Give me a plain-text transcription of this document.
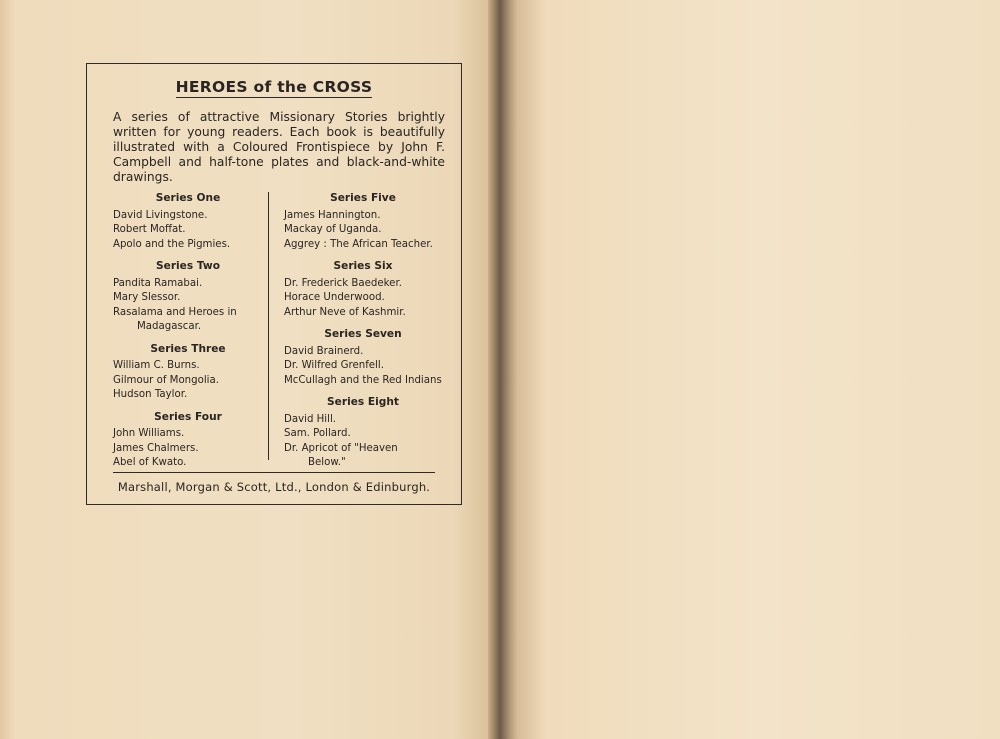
HEROES of the CROSS
A series of attractive Missionary Stories brightly written for young readers. Each book is beautifully illustrated with a Coloured Frontispiece by John F. Campbell and half-tone plates and black-and-white drawings.
Series One
David Livingstone.
Robert Moffat.
Apolo and the Pigmies.
Series Two
Pandita Ramabai.
Mary Slessor.
Rasalama and Heroes in
Madagascar.
Series Three
William C. Burns.
Gilmour of Mongolia.
Hudson Taylor.
Series Four
John Williams.
James Chalmers.
Abel of Kwato.
Series Five
James Hannington.
Mackay of Uganda.
Aggrey : The African Teacher.
Series Six
Dr. Frederick Baedeker.
Horace Underwood.
Arthur Neve of Kashmir.
Series Seven
David Brainerd.
Dr. Wilfred Grenfell.
McCullagh and the Red Indians
Series Eight
David Hill.
Sam. Pollard.
Dr. Apricot of "Heaven
Below."
Marshall, Morgan & Scott, Ltd., London & Edinburgh.
